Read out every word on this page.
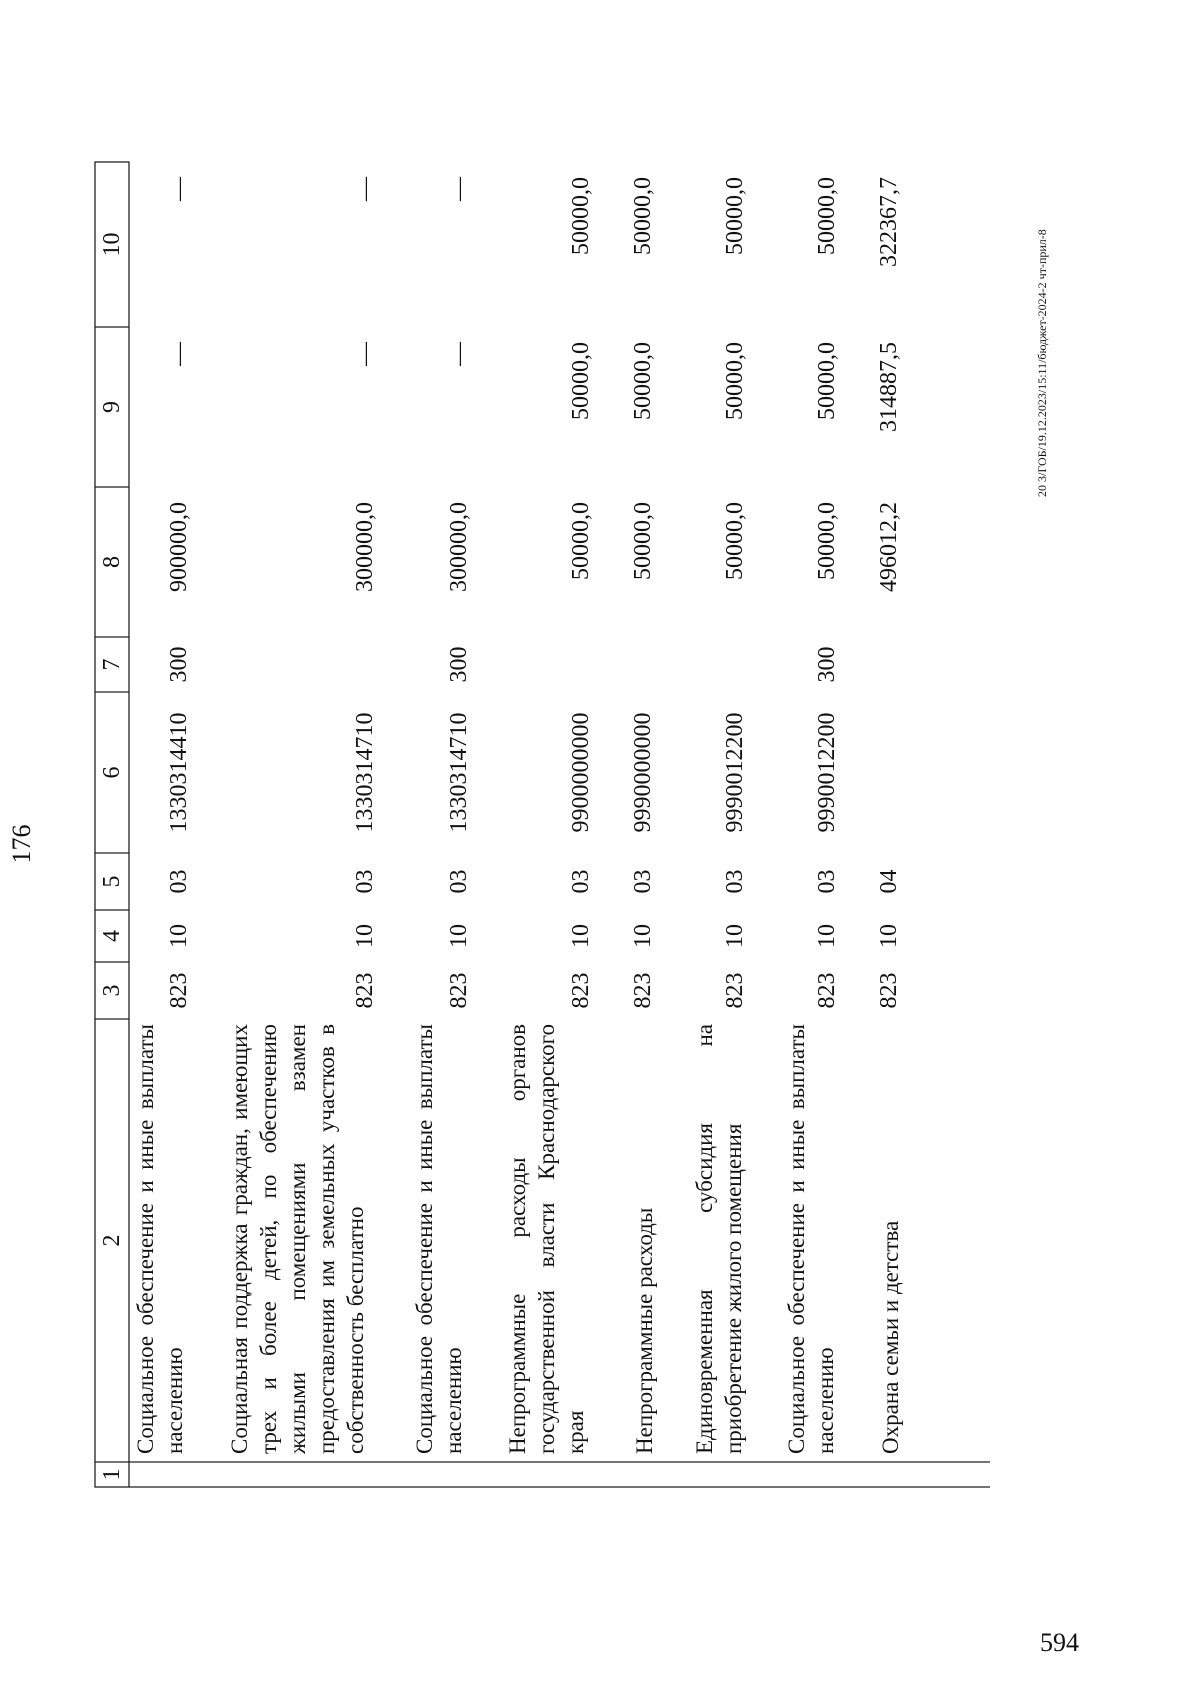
594
176
20 3/ГОБ/19.12.2023/15:11/бюджет-2024-2 чт-прил-8
1
2
3
4
5
6
7
8
9
10
Социальное обеспечение и иные выплаты населению
823
10
03
1330314410
300
900000,0
—
—
Социальная поддержка граждан, имеющих трех и более детей, по обеспечению жилыми помещениями взамен предоставления им земельных участков в собственность бесплатно
823
10
03
1330314710
300000,0
—
—
Социальное обеспечение и иные выплаты населению
823
10
03
1330314710
300
300000,0
—
—
Непрограммные расходы органов государственной власти Краснодарского края
823
10
03
9900000000
50000,0
50000,0
50000,0
Непрограммные расходы
823
10
03
9990000000
50000,0
50000,0
50000,0
Единовременная субсидия на приобретение жилого помещения
823
10
03
9990012200
50000,0
50000,0
50000,0
Социальное обеспечение и иные выплаты населению
823
10
03
9990012200
300
50000,0
50000,0
50000,0
Охрана семьи и детства
823
10
04
496012,2
314887,5
322367,7
